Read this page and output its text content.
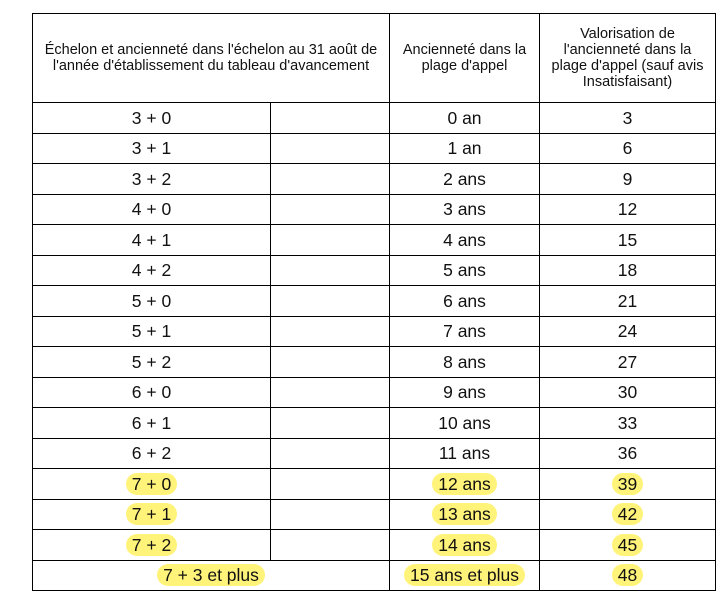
Échelon et ancienneté dans l'échelon au 31 août de l'année d'établissement du tableau d'avancement		Ancienneté dans la plage d'appel	Valorisation de l'ancienneté dans la plage d'appel (sauf avis Insatisfaisant)

3 + 0		0 an	3
3 + 1		1 an	6
3 + 2		2 ans	9
4 + 0		3 ans	12
4 + 1		4 ans	15
4 + 2		5 ans	18
5 + 0		6 ans	21
5 + 1		7 ans	24
5 + 2		8 ans	27
6 + 0		9 ans	30
6 + 1		10 ans	33
6 + 2		11 ans	36
7 + 0		12 ans	39
7 + 1		13 ans	42
7 + 2		14 ans	45
7 + 3 et plus		15 ans et plus	48
